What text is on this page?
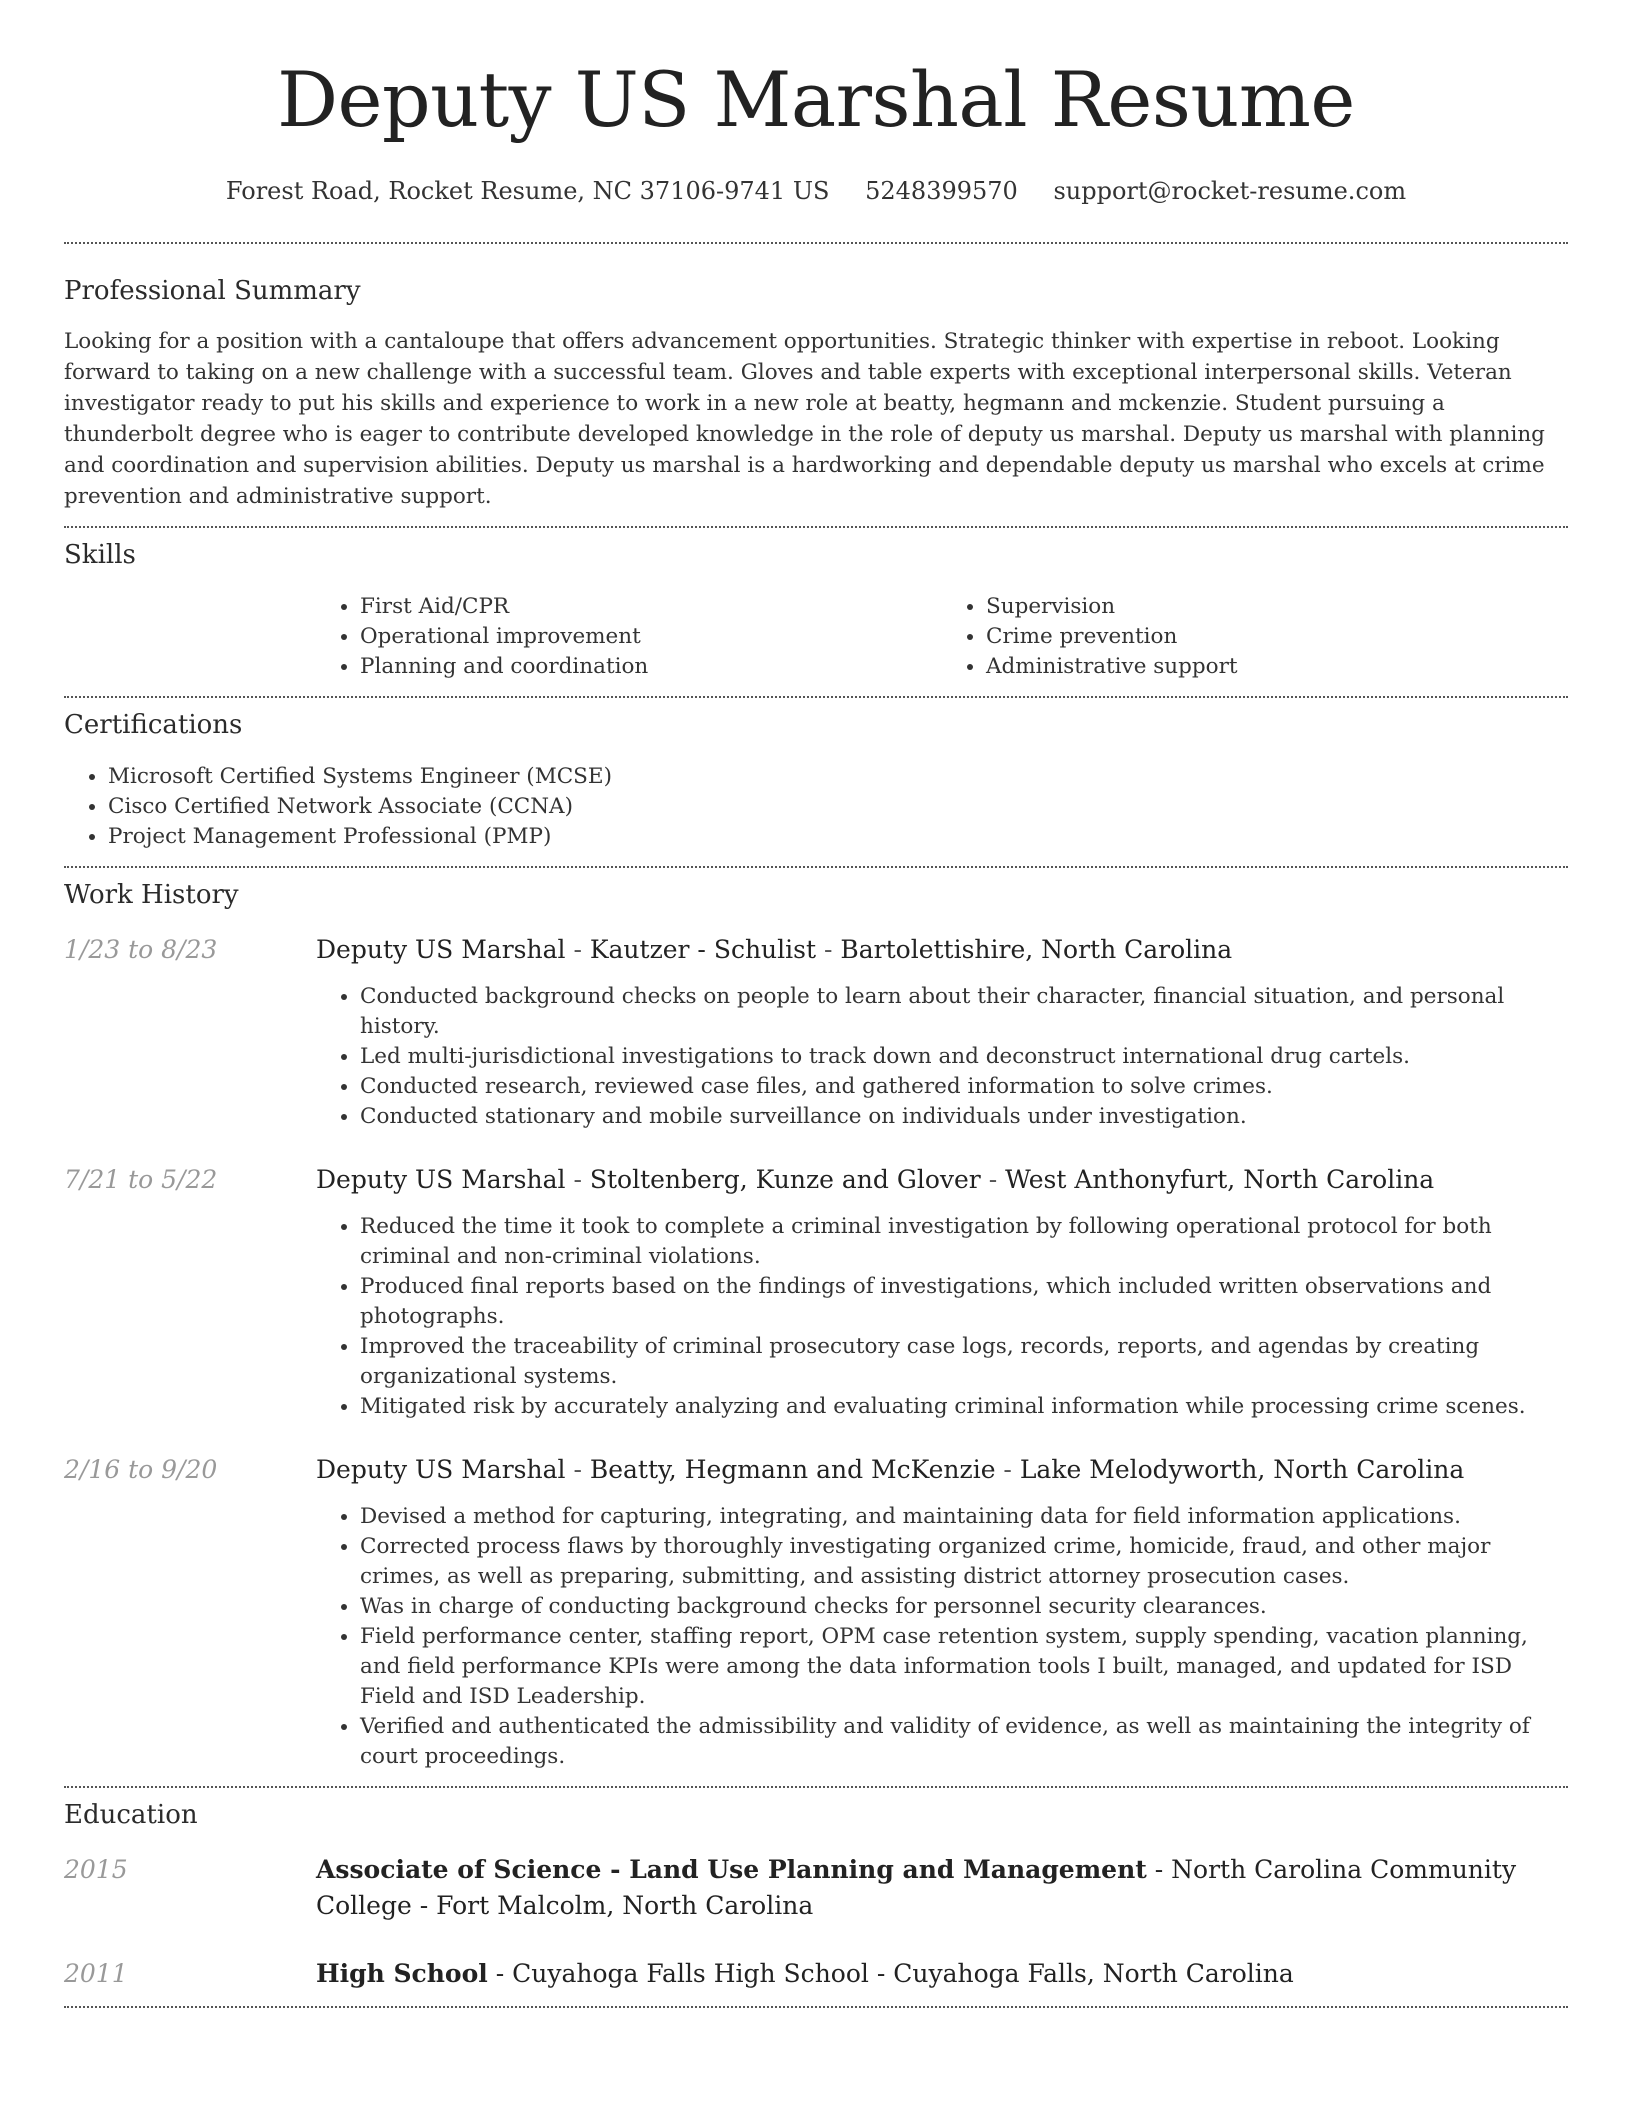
Deputy US Marshal Resume
Forest Road, Rocket Resume, NC 37106-9741 US 5248399570 support@rocket-resume.com
Professional Summary

Looking for a position with a cantaloupe that offers advancement opportunities. Strategic thinker with expertise in reboot. Looking forward to taking on a new challenge with a successful team. Gloves and table experts with exceptional interpersonal skills. Veteran investigator ready to put his skills and experience to work in a new role at beatty, hegmann and mckenzie. Student pursuing a thunderbolt degree who is eager to contribute developed knowledge in the role of deputy us marshal. Deputy us marshal with planning and coordination and supervision abilities. Deputy us marshal is a hardworking and dependable deputy us marshal who excels at crime prevention and administrative support.

Skills
• First Aid/CPR
• Operational improvement
• Planning and coordination
• Supervision
• Crime prevention
• Administrative support
Certifications
• Microsoft Certified Systems Engineer (MCSE)
• Cisco Certified Network Associate (CCNA)
• Project Management Professional (PMP)
Work History
1/23 to 8/23	Deputy US Marshal - Kautzer - Schulist - Bartolettishire, North Carolina
• Conducted background checks on people to learn about their character, financial situation, and personal history.
• Led multi-jurisdictional investigations to track down and deconstruct international drug cartels.
• Conducted research, reviewed case files, and gathered information to solve crimes.
• Conducted stationary and mobile surveillance on individuals under investigation.
7/21 to 5/22	Deputy US Marshal - Stoltenberg, Kunze and Glover - West Anthonyfurt, North Carolina
• Reduced the time it took to complete a criminal investigation by following operational protocol for both criminal and non-criminal violations.
• Produced final reports based on the findings of investigations, which included written observations and photographs.
• Improved the traceability of criminal prosecutory case logs, records, reports, and agendas by creating organizational systems.
• Mitigated risk by accurately analyzing and evaluating criminal information while processing crime scenes.
2/16 to 9/20	Deputy US Marshal - Beatty, Hegmann and McKenzie - Lake Melodyworth, North Carolina
• Devised a method for capturing, integrating, and maintaining data for field information applications.
• Corrected process flaws by thoroughly investigating organized crime, homicide, fraud, and other major crimes, as well as preparing, submitting, and assisting district attorney prosecution cases.
• Was in charge of conducting background checks for personnel security clearances.
• Field performance center, staffing report, OPM case retention system, supply spending, vacation planning, and field performance KPIs were among the data information tools I built, managed, and updated for ISD Field and ISD Leadership.
• Verified and authenticated the admissibility and validity of evidence, as well as maintaining the integrity of court proceedings.
Education
2015	Associate of Science - Land Use Planning and Management - North Carolina Community College - Fort Malcolm, North Carolina
2011	High School - Cuyahoga Falls High School - Cuyahoga Falls, North Carolina
